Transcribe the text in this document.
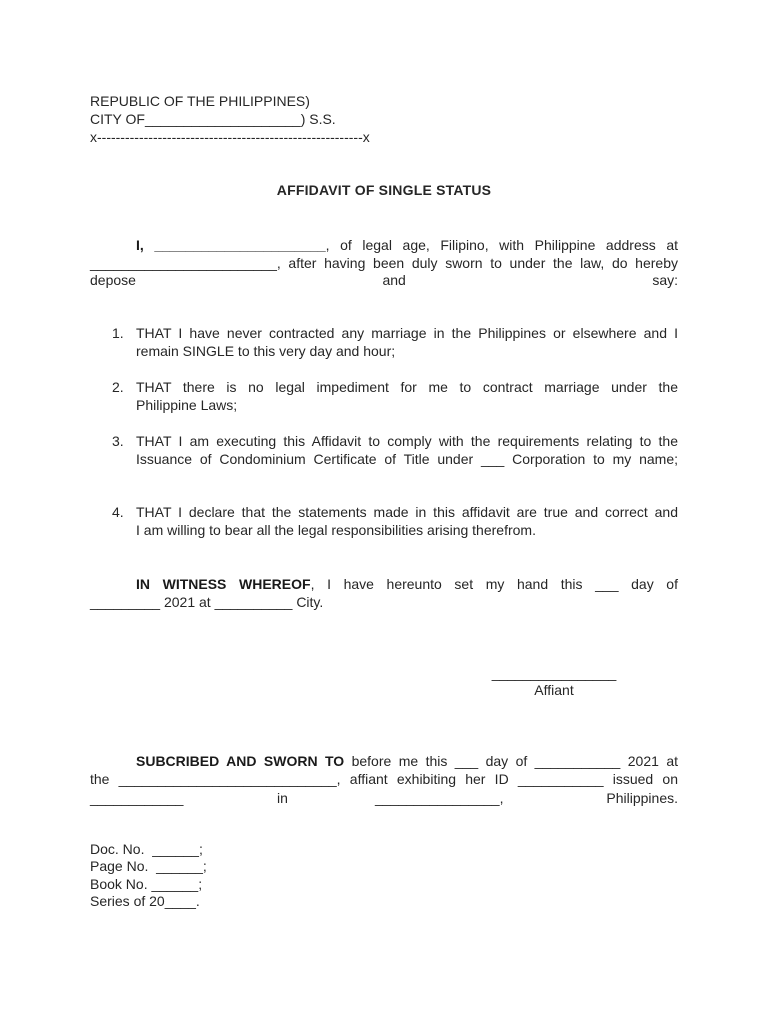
REPUBLIC OF THE PHILIPPINES)
CITY OF____________________) S.S.
x---------------------------------------------------------x
AFFIDAVIT OF SINGLE STATUS
I, ______________________, of legal age, Filipino, with Philippine address at
________________________, after having been duly sworn to under the law, do hereby
depose and say:
1. THAT I have never contracted any marriage in the Philippines or elsewhere and I
remain SINGLE to this very day and hour;
2. THAT there is no legal impediment for me to contract marriage under the
Philippine Laws;
3. THAT I am executing this Affidavit to comply with the requirements relating to the
Issuance of Condominium Certificate of Title under ___ Corporation to my name;
4. THAT I declare that the statements made in this affidavit are true and correct and
I am willing to bear all the legal responsibilities arising therefrom.
IN WITNESS WHEREOF, I have hereunto set my hand this ___ day of
_________ 2021 at __________ City.
________________
Affiant
SUBCRIBED AND SWORN TO before me this ___ day of ___________ 2021 at
the ____________________________, affiant exhibiting her ID ___________ issued on

____________

	in

	________________,

	Philippines.

Doc. No.  ______;
Page No.  ______;
Book No. ______;
Series of 20____.
